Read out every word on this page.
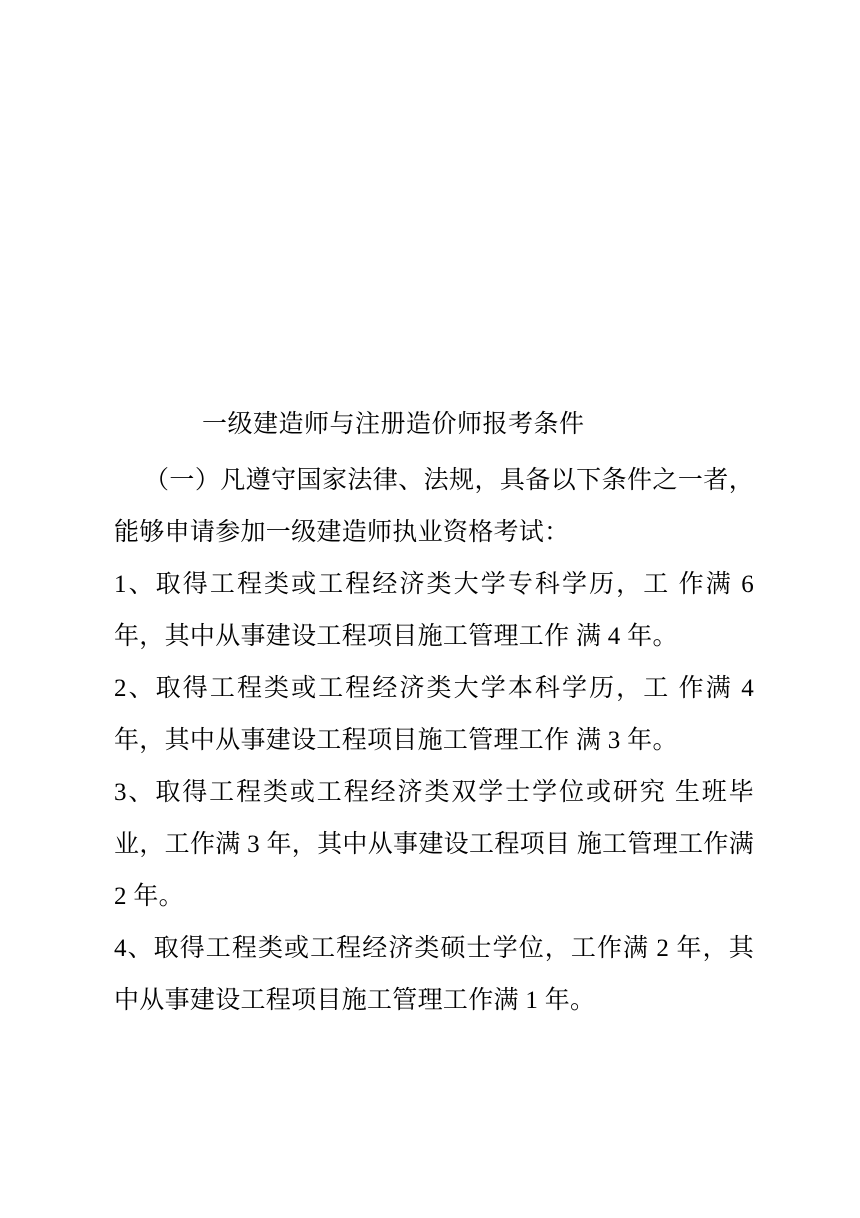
一级建造师与注册造价师报考条件

（一）凡遵守国家法律、法规，具备以下条件之一者，能够申请参加一级建造师执业资格考试：

1、取得工程类或工程经济类大学专科学历，工 作满 6 年，其中从事建设工程项目施工管理工作 满 4 年。

2、取得工程类或工程经济类大学本科学历，工 作满 4 年，其中从事建设工程项目施工管理工作 满 3 年。

3、取得工程类或工程经济类双学士学位或研究 生班毕业，工作满 3 年，其中从事建设工程项目 施工管理工作满 2 年。

4、取得工程类或工程经济类硕士学位，工作满 2 年，其中从事建设工程项目施工管理工作满 1 年。
